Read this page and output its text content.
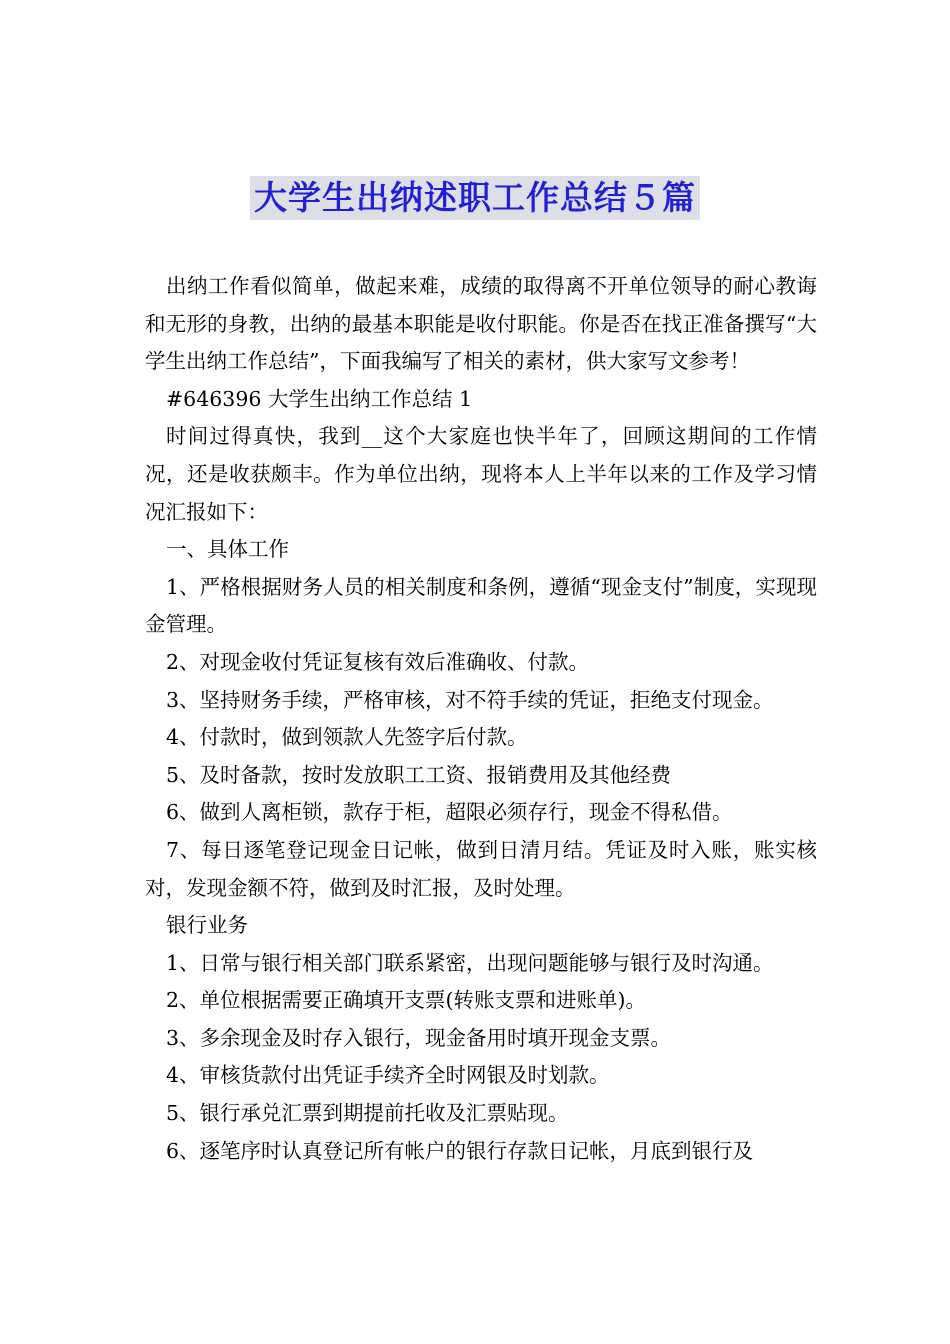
大学生出纳述职工作总结５篇

出纳工作看似简单，做起来难，成绩的取得离不开单位领导的耐心教诲和无形的身教，出纳的最基本职能是收付职能。你是否在找正准备撰写“大学生出纳工作总结”，下面我编写了相关的素材，供大家写文参考！

#646396 大学生出纳工作总结 1

时间过得真快，我到__这个大家庭也快半年了，回顾这期间的工作情况，还是收获颇丰。作为单位出纳，现将本人上半年以来的工作及学习情况汇报如下：

一、具体工作

1、严格根据财务人员的相关制度和条例，遵循“现金支付”制度，实现现金管理。

2、对现金收付凭证复核有效后准确收、付款。

3、坚持财务手续，严格审核，对不符手续的凭证，拒绝支付现金。

4、付款时，做到领款人先签字后付款。

5、及时备款，按时发放职工工资、报销费用及其他经费

6、做到人离柜锁，款存于柜，超限必须存行，现金不得私借。

7、每日逐笔登记现金日记帐，做到日清月结。凭证及时入账，账实核对，发现金额不符，做到及时汇报，及时处理。

银行业务

1、日常与银行相关部门联系紧密，出现问题能够与银行及时沟通。

2、单位根据需要正确填开支票(转账支票和进账单)。

3、多余现金及时存入银行，现金备用时填开现金支票。

4、审核货款付出凭证手续齐全时网银及时划款。

5、银行承兑汇票到期提前托收及汇票贴现。

6、逐笔序时认真登记所有帐户的银行存款日记帐，月底到银行及
